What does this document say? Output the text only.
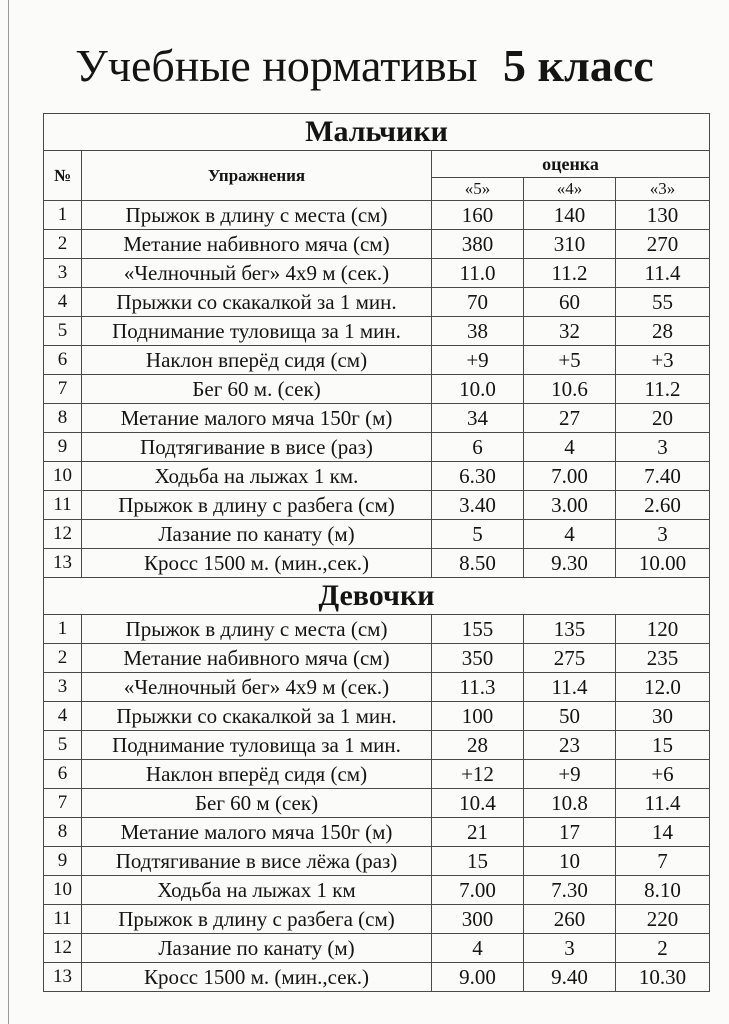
Учебные нормативы 5 класс
Мальчики				
№	Упражнения	оценка		
		«5»	«4»	«3»
1	Прыжок в длину с места (см)	160	140	130
2	Метание набивного мяча (см)	380	310	270
3	«Челночный бег» 4х9 м (сек.)	11.0	11.2	11.4
4	Прыжки со скакалкой за 1 мин.	70	60	55
5	Поднимание туловища за 1 мин.	38	32	28
6	Наклон вперёд сидя (см)	+9	+5	+3
7	Бег 60 м. (сек)	10.0	10.6	11.2
8	Метание малого мяча 150г (м)	34	27	20
9	Подтягивание в висе (раз)	6	4	3
10	Ходьба на лыжах 1 км.	6.30	7.00	7.40
11	Прыжок в длину с разбега (см)	3.40	3.00	2.60
12	Лазание по канату (м)	5	4	3
13	Кросс 1500 м. (мин.,сек.)	8.50	9.30	10.00
Девочки				
1	Прыжок в длину с места (см)	155	135	120
2	Метание набивного мяча (см)	350	275	235
3	«Челночный бег» 4х9 м (сек.)	11.3	11.4	12.0
4	Прыжки со скакалкой за 1 мин.	100	50	30
5	Поднимание туловища за 1 мин.	28	23	15
6	Наклон вперёд сидя (см)	+12	+9	+6
7	Бег 60 м (сек)	10.4	10.8	11.4
8	Метание малого мяча 150г (м)	21	17	14
9	Подтягивание в висе лёжа (раз)	15	10	7
10	Ходьба на лыжах 1 км	7.00	7.30	8.10
11	Прыжок в длину с разбега (см)	300	260	220
12	Лазание по канату (м)	4	3	2
13	Кросс 1500 м. (мин.,сек.)	9.00	9.40	10.30
